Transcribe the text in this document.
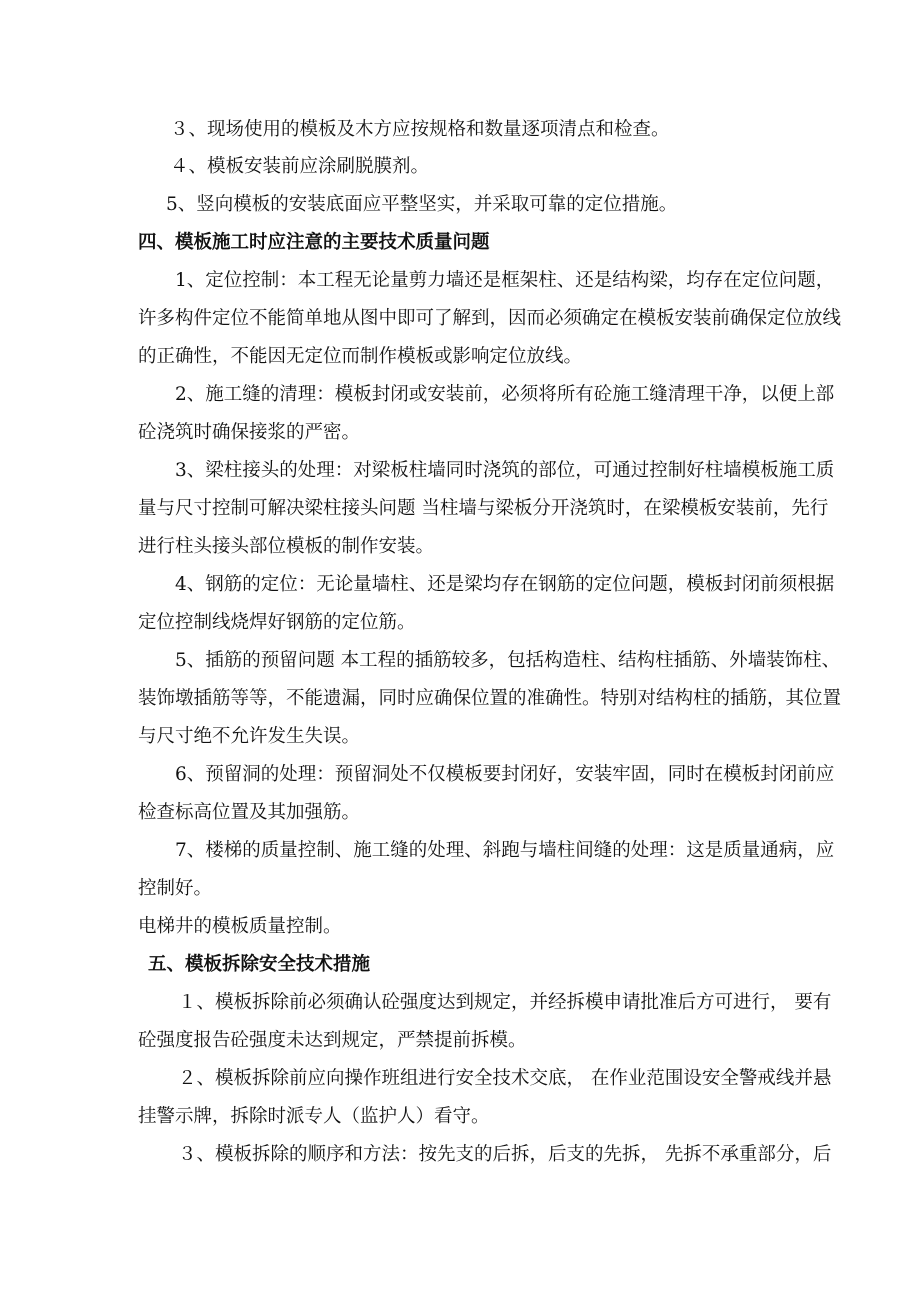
３、现场使用的模板及木方应按规格和数量逐项清点和检查。
４、模板安装前应涂刷脱膜剂。
5、竖向模板的安装底面应平整坚实，并采取可靠的定位措施。
四、模板施工时应注意的主要技术质量问题
1、定位控制：本工程无论量剪力墙还是框架柱、还是结构梁，均存在定位问题，
许多构件定位不能简单地从图中即可了解到，因而必须确定在模板安装前确保定位放线
的正确性，不能因无定位而制作模板或影响定位放线。
2、施工缝的清理：模板封闭或安装前，必须将所有砼施工缝清理干净，以便上部
砼浇筑时确保接浆的严密。
3、梁柱接头的处理：对梁板柱墙同时浇筑的部位，可通过控制好柱墙模板施工质
量与尺寸控制可解决梁柱接头问题 当柱墙与梁板分开浇筑时，在梁模板安装前，先行
进行柱头接头部位模板的制作安装。
4、钢筋的定位：无论量墙柱、还是梁均存在钢筋的定位问题，模板封闭前须根据
定位控制线烧焊好钢筋的定位筋。
5、插筋的预留问题 本工程的插筋较多，包括构造柱、结构柱插筋、外墙装饰柱、
装饰墩插筋等等，不能遗漏，同时应确保位置的准确性。特别对结构柱的插筋，其位置
与尺寸绝不允许发生失误。
6、预留洞的处理：预留洞处不仅模板要封闭好，安装牢固，同时在模板封闭前应
检查标高位置及其加强筋。
7、楼梯的质量控制、施工缝的处理、斜跑与墙柱间缝的处理：这是质量通病，应
控制好。
电梯井的模板质量控制。
五、模板拆除安全技术措施
１、模板拆除前必须确认砼强度达到规定，并经拆模申请批准后方可进行， 要有
砼强度报告砼强度未达到规定，严禁提前拆模。
２、模板拆除前应向操作班组进行安全技术交底， 在作业范围设安全警戒线并悬
挂警示牌，拆除时派专人（监护人）看守。
３、模板拆除的顺序和方法：按先支的后拆，后支的先拆， 先拆不承重部分，后
